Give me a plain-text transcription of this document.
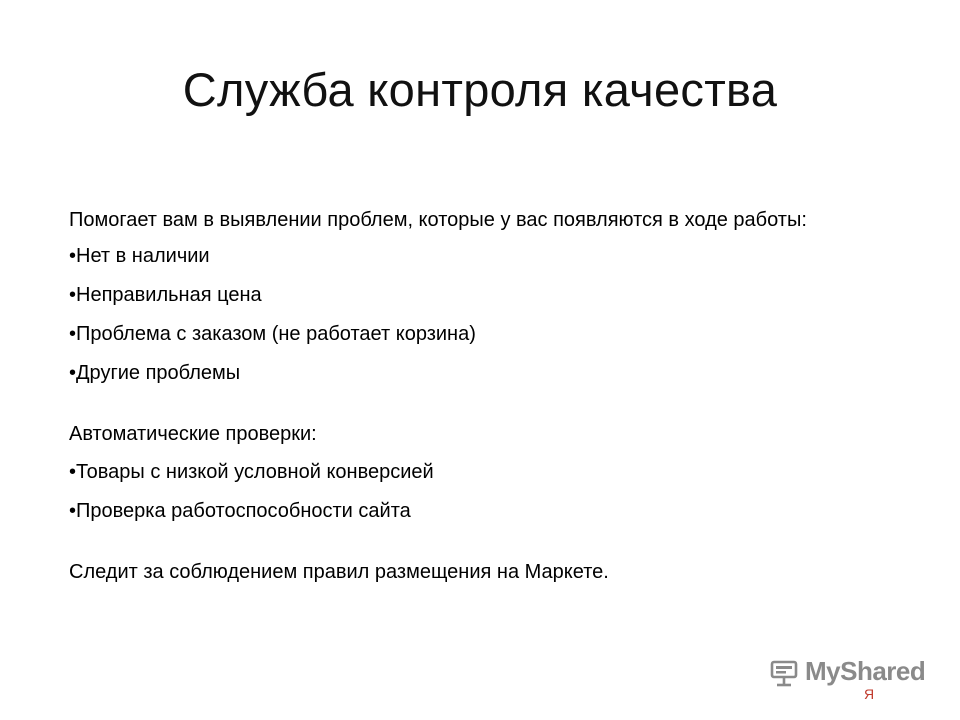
Служба контроля качества

Помогает вам в выявлении проблем, которые у вас появляются в ходе работы:

•Нет в наличии

•Неправильная цена

•Проблема с заказом (не работает корзина)

•Другие проблемы

Автоматические проверки:

•Товары с низкой условной конверсией

•Проверка работоспособности сайта

Следит за соблюдением правил размещения на Маркете.

MyShared
Я
